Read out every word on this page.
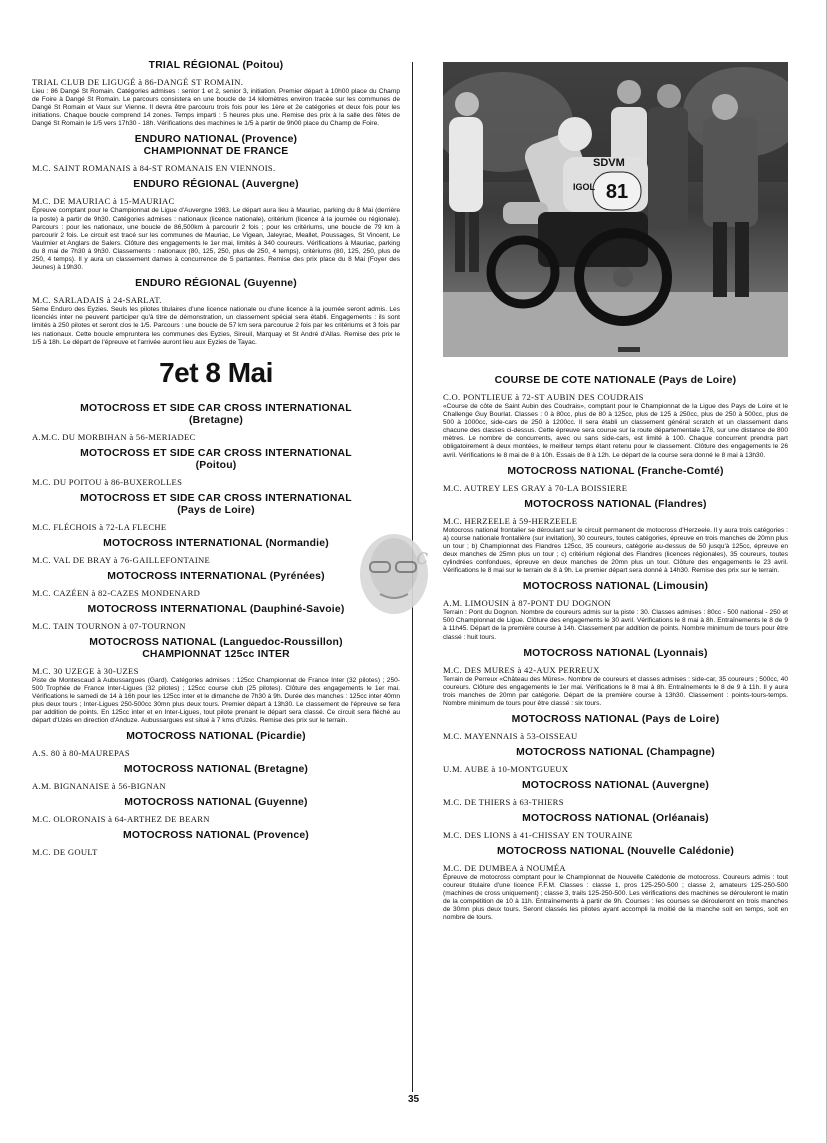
81
SDVM
IGOL
c
TRIAL RÉGIONAL (Poitou)
TRIAL CLUB DE LIGUGÉ à 86-DANGÉ ST ROMAIN.

Lieu : 86 Dangé St Romain. Catégories admises : senior 1 et 2, senior 3, initiation. Premier départ à 10h00 place du Champ de Foire à Dangé St Romain. Le parcours consistera en une boucle de 14 kilomètres environ tracée sur les communes de Dangé St Romain et Vaux sur Vienne. Il devra être parcouru trois fois pour les 1ère et 2e catégories et deux fois pour les initiations. Chaque boucle comprend 14 zones. Temps imparti : 5 heures plus une. Remise des prix à la salle des fêtes de Dangé St Romain le 1/5 vers 17h30 - 18h. Vérifications des machines le 1/5 à partir de 9h00 place du Champ de Foire.

ENDURO NATIONAL (Provence)
CHAMPIONNAT DE FRANCE
M.C. SAINT ROMANAIS à 84-ST ROMANAIS EN VIENNOIS.
ENDURO RÉGIONAL (Auvergne)
M.C. DE MAURIAC à 15-MAURIAC

Épreuve comptant pour le Championnat de Ligue d'Auvergne 1983. Le départ aura lieu à Mauriac, parking du 8 Mai (derrière la poste) à partir de 9h30. Catégories admises : nationaux (licence nationale), critérium (licence à la journée ou régionale). Parcours : pour les nationaux, une boucle de 86,500km à parcourir 2 fois ; pour les critériums, une boucle de 79 km à parcourir 2 fois. Le circuit est tracé sur les communes de Mauriac, Le Vigean, Jaleyrac, Meallet, Poussages, St Vincent, Le Vaulmier et Anglars de Salers. Clôture des engagements le 1er mai, limités à 340 coureurs. Vérifications à Mauriac, parking du 8 mai de 7h30 à 9h30. Classements : nationaux (80, 125, 250, plus de 250, 4 temps), critériums (80, 125, 250, plus de 250, 4 temps). Il y aura un classement dames à concurrence de 5 partantes. Remise des prix place du 8 Mai (Foyer des Jeunes) à 19h30.

ENDURO RÉGIONAL (Guyenne)
M.C. SARLADAIS à 24-SARLAT.

5ème Enduro des Eyzies. Seuls les pilotes titulaires d'une licence nationale ou d'une licence à la journée seront admis. Les licenciés inter ne peuvent participer qu'à titre de démonstration, un classement spécial sera établi. Engagements : ils sont limités à 250 pilotes et seront clos le 1/5. Parcours : une boucle de 57 km sera parcourue 2 fois par les critériums et 3 fois par les nationaux. Cette boucle empruntera les communes des Eyzies, Sireuil, Marquay et St André d'Allas. Remise des prix le 1/5 à 18h. Le départ de l'épreuve et l'arrivée auront lieu aux Eyzies de Tayac.

7et 8 Mai
MOTOCROSS ET SIDE CAR CROSS INTERNATIONAL
(Bretagne)
A.M.C. DU MORBIHAN à 56-MERIADEC
MOTOCROSS ET SIDE CAR CROSS INTERNATIONAL
(Poitou)
M.C. DU POITOU à 86-BUXEROLLES
MOTOCROSS ET SIDE CAR CROSS INTERNATIONAL
(Pays de Loire)
M.C. FLÉCHOIS à 72-LA FLECHE
MOTOCROSS INTERNATIONAL (Normandie)
M.C. VAL DE BRAY à 76-GAILLEFONTAINE
MOTOCROSS INTERNATIONAL (Pyrénées)
M.C. CAZÉEN à 82-CAZES MONDENARD
MOTOCROSS INTERNATIONAL (Dauphiné-Savoie)
M.C. TAIN TOURNON à 07-TOURNON
MOTOCROSS NATIONAL (Languedoc-Roussillon)
CHAMPIONNAT 125cc INTER
M.C. 30 UZEGE à 30-UZES

Piste de Montescaud à Aubussargues (Gard). Catégories admises : 125cc Championnat de France Inter (32 pilotes) ; 250-500 Trophée de France Inter-Ligues (32 pilotes) ; 125cc course club (25 pilotes). Clôture des engagements le 1er mai. Vérifications le samedi de 14 à 16h pour les 125cc inter et le dimanche de 7h30 à 9h. Durée des manches : 125cc inter 40mn plus deux tours ; Inter-Ligues 250-500cc 30mn plus deux tours. Premier départ à 13h30. Le classement de l'épreuve se fera par addition de points. En 125cc inter et en Inter-Ligues, tout pilote prenant le départ sera classé. Ce circuit sera fléché au départ d'Uzès en direction d'Anduze. Aubussargues est situé à 7 kms d'Uzès. Remise des prix sur le terrain.

MOTOCROSS NATIONAL (Picardie)
A.S. 80 à 80-MAUREPAS
MOTOCROSS NATIONAL (Bretagne)
A.M. BIGNANAISE à 56-BIGNAN
MOTOCROSS NATIONAL (Guyenne)
M.C. OLORONAIS à 64-ARTHEZ DE BEARN
MOTOCROSS NATIONAL (Provence)
M.C. DE GOULT
COURSE DE COTE NATIONALE (Pays de Loire)
C.O. PONTLIEUE à 72-ST AUBIN DES COUDRAIS

«Course de côte de Saint Aubin des Coudrais», comptant pour le Championnat de la Ligue des Pays de Loire et le Challenge Guy Bourlat. Classes : 0 à 80cc, plus de 80 à 125cc, plus de 125 à 250cc, plus de 250 à 500cc, plus de 500 à 1000cc, side-cars de 250 à 1200cc. Il sera établi un classement général scratch et un classement dans chacune des classes ci-dessus. Cette épreuve sera courue sur la route départementale 178, sur une distance de 800 mètres. Le nombre de concurrents, avec ou sans side-cars, est limité à 100. Chaque concurrent prendra part obligatoirement à deux montées, le meilleur temps étant retenu pour le classement. Clôture des engagements le 26 avril. Vérifications le 8 mai de 8 à 10h. Essais de 8 à 12h. Le départ de la course sera donné le 8 mai à 13h30.

MOTOCROSS NATIONAL (Franche-Comté)
M.C. AUTREY LES GRAY à 70-LA BOISSIERE
MOTOCROSS NATIONAL (Flandres)
M.C. HERZEELE à 59-HERZEELE

Motocross national frontalier se déroulant sur le circuit permanent de motocross d'Herzeele. Il y aura trois catégories : a) course nationale frontalière (sur invitation), 30 coureurs, toutes catégories, épreuve en trois manches de 20mn plus un tour ; b) Championnat des Flandres 125cc, 35 coureurs, catégorie au-dessus de 50 jusqu'à 125cc, épreuve en deux manches de 25mn plus un tour ; c) critérium régional des Flandres (licences régionales), 35 coureurs, toutes cylindrées confondues, épreuve en deux manches de 20mn plus un tour. Clôture des engagements le 23 avril. Vérifications le 8 mai sur le terrain de 8 à 9h. Le premier départ sera donné à 14h30. Remise des prix sur le terrain.

MOTOCROSS NATIONAL (Limousin)
A.M. LIMOUSIN à 87-PONT DU DOGNON

Terrain : Pont du Dognon. Nombre de coureurs admis sur la piste : 30. Classes admises : 80cc - 500 national - 250 et 500 Championnat de Ligue. Clôture des engagements le 30 avril. Vérifications le 8 mai à 8h. Entraînements le 8 de 9 à 11h45. Départ de la première course à 14h. Classement par addition de points. Nombre minimum de tours pour être classé : huit tours.

MOTOCROSS NATIONAL (Lyonnais)
M.C. DES MURES à 42-AUX PERREUX

Terrain de Perreux «Château des Mûres». Nombre de coureurs et classes admises : side-car, 35 coureurs ; 500cc, 40 coureurs. Clôture des engagements le 1er mai. Vérifications le 8 mai à 8h. Entraînements le 8 de 9 à 11h. Il y aura trois manches de 20mn par catégorie. Départ de la première course à 13h30. Classement : points-tours-temps. Nombre minimum de tours pour être classé : six tours.

MOTOCROSS NATIONAL (Pays de Loire)
M.C. MAYENNAIS à 53-OISSEAU
MOTOCROSS NATIONAL (Champagne)
U.M. AUBE à 10-MONTGUEUX
MOTOCROSS NATIONAL (Auvergne)
M.C. DE THIERS à 63-THIERS
MOTOCROSS NATIONAL (Orléanais)
M.C. DES LIONS à 41-CHISSAY EN TOURAINE
MOTOCROSS NATIONAL (Nouvelle Calédonie)
M.C. DE DUMBEA à NOUMÉA

Épreuve de motocross comptant pour le Championnat de Nouvelle Calédonie de motocross. Coureurs admis : tout coureur titulaire d'une licence F.F.M. Classes : classe 1, pros 125-250-500 ; classe 2, amateurs 125-250-500 (machines de cross uniquement) ; classe 3, trails 125-250-500. Les vérifications des machines se dérouleront le matin de la compétition de 10 à 11h. Entraînements à partir de 9h. Courses : les courses se dérouleront en trois manches de 30mn plus deux tours. Seront classés les pilotes ayant accompli la moitié de la manche soit en temps, soit en nombre de tours.

35
